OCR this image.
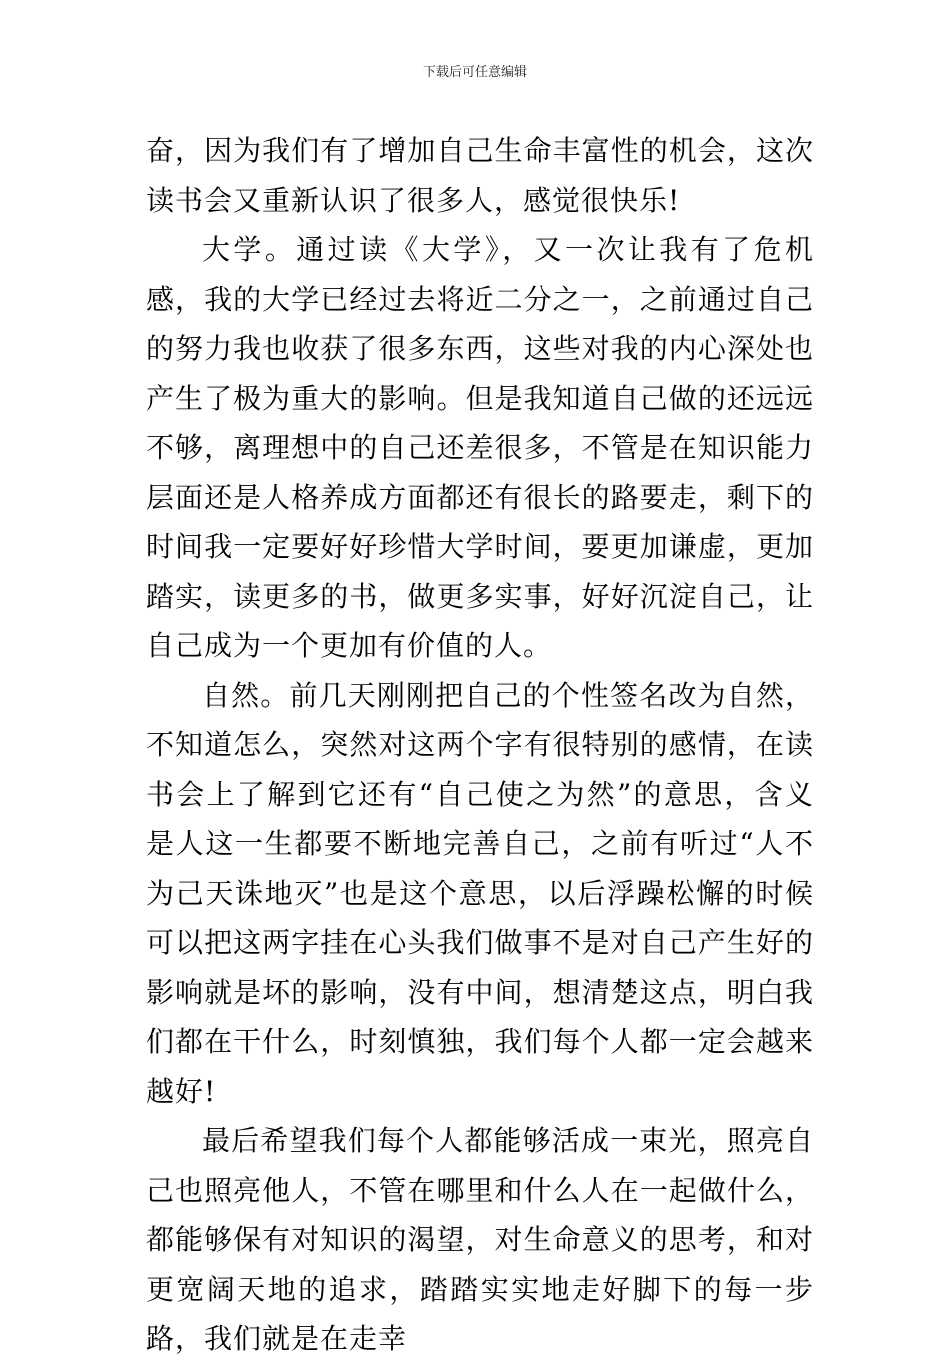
下载后可任意编辑

奋，因为我们有了增加自己生命丰富性的机会，这次读书会又重新认识了很多人，感觉很快乐!

大学。通过读《大学》，又一次让我有了危机感，我的大学已经过去将近二分之一，之前通过自己的努力我也收获了很多东西，这些对我的内心深处也产生了极为重大的影响。但是我知道自己做的还远远不够，离理想中的自己还差很多，不管是在知识能力层面还是人格养成方面都还有很长的路要走，剩下的时间我一定要好好珍惜大学时间，要更加谦虚，更加踏实，读更多的书，做更多实事，好好沉淀自己，让自己成为一个更加有价值的人。

自然。前几天刚刚把自己的个性签名改为自然，不知道怎么，突然对这两个字有很特别的感情，在读书会上了解到它还有“自己使之为然”的意思，含义是人这一生都要不断地完善自己，之前有听过“人不为己天诛地灭”也是这个意思，以后浮躁松懈的时候可以把这两字挂在心头我们做事不是对自己产生好的影响就是坏的影响，没有中间，想清楚这点，明白我们都在干什么，时刻慎独，我们每个人都一定会越来越好!

最后希望我们每个人都能够活成一束光，照亮自己也照亮他人，不管在哪里和什么人在一起做什么，都能够保有对知识的渴望，对生命意义的思考，和对更宽阔天地的追求，踏踏实实地走好脚下的每一步路，我们就是在走幸
